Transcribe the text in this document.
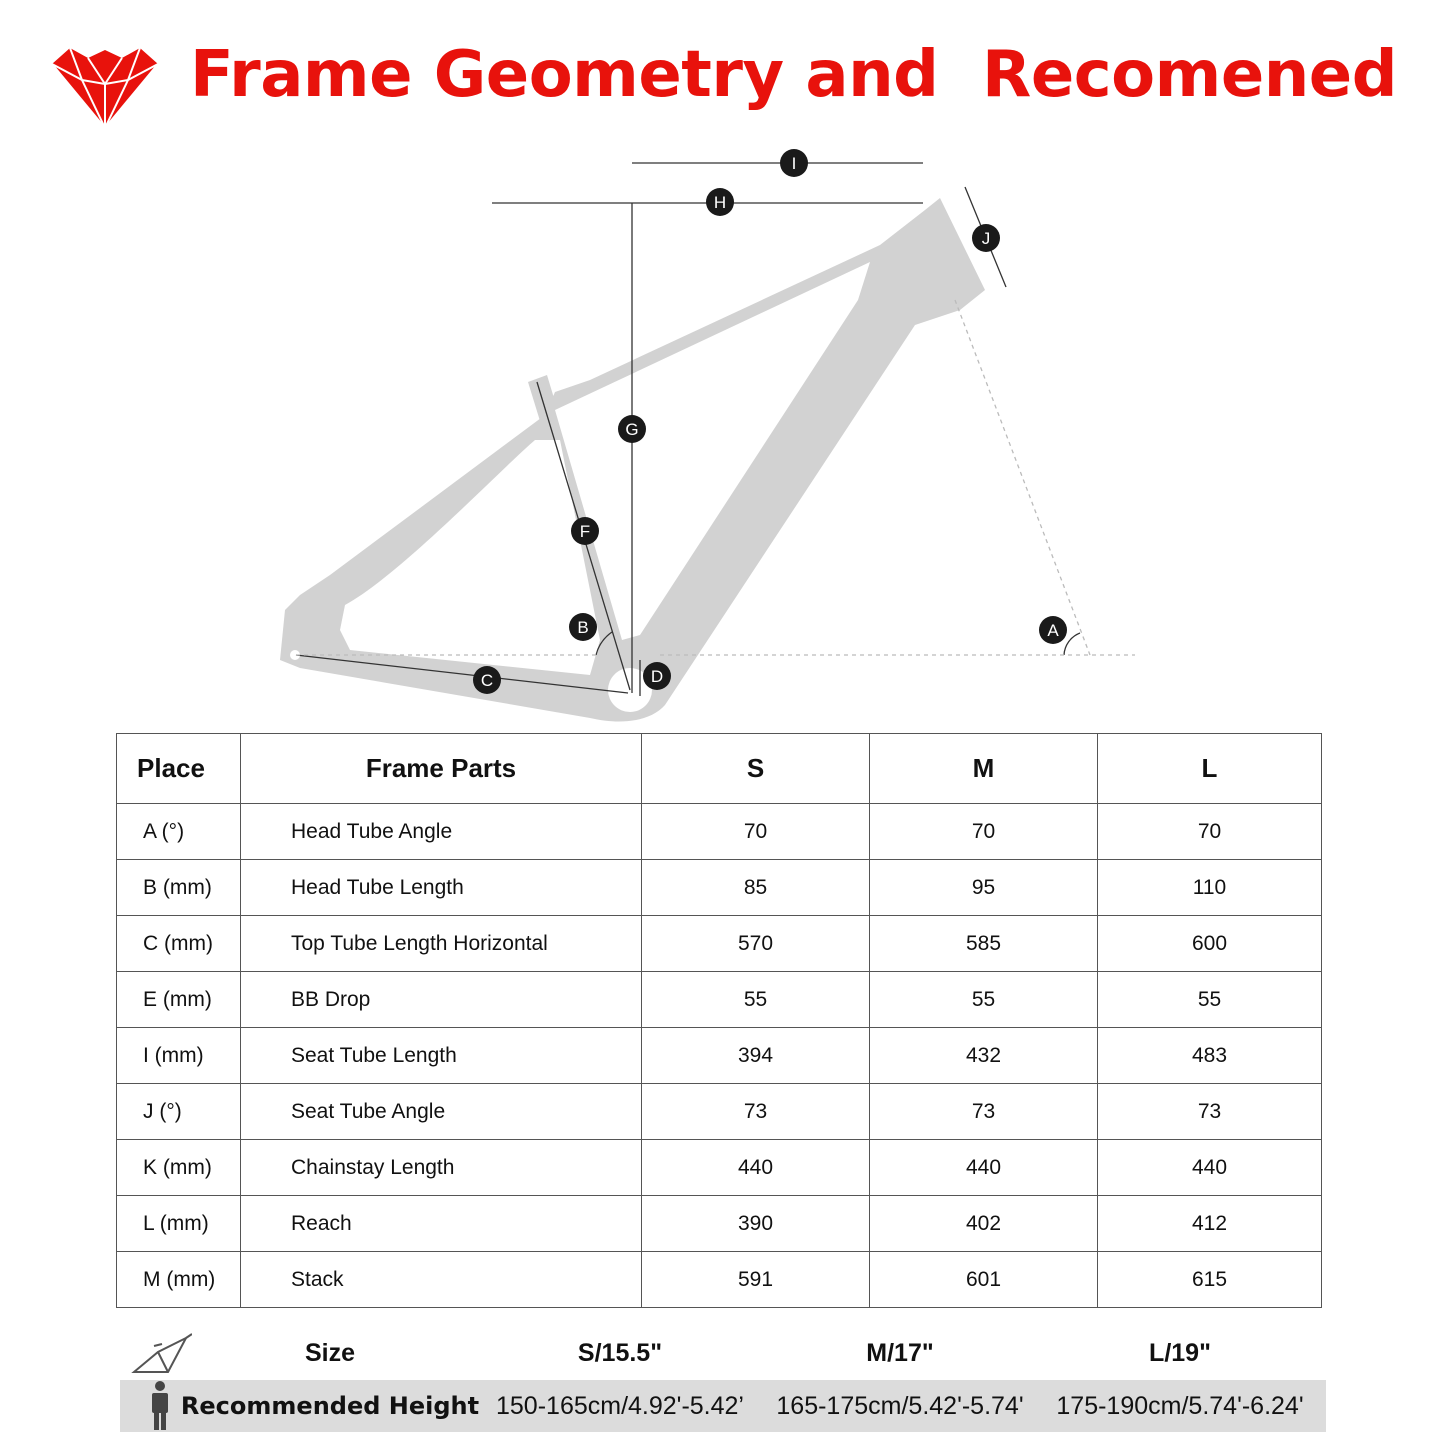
Frame Geometry and  Recomened
I
H
J
G
F
B	A
C	D
Place	Frame Parts	S	M	L
A (°)	Head Tube Angle	70	70	70
B (mm)	Head Tube Length	85	95	110
C (mm)	Top Tube Length Horizontal	570	585	600
E (mm)	BB Drop	55	55	55
I (mm)	Seat Tube Length	394	432	483
J (°)	Seat Tube Angle	73	73	73
K (mm)	Chainstay Length	440	440	440
L (mm)	Reach	390	402	412
M (mm)	Stack	591	601	615
Size	S/15.5"	M/17"	L/19"
Recommended Height 150-165cm/4.92'-5.42’ 165-175cm/5.42'-5.74' 175-190cm/5.74'-6.24'
